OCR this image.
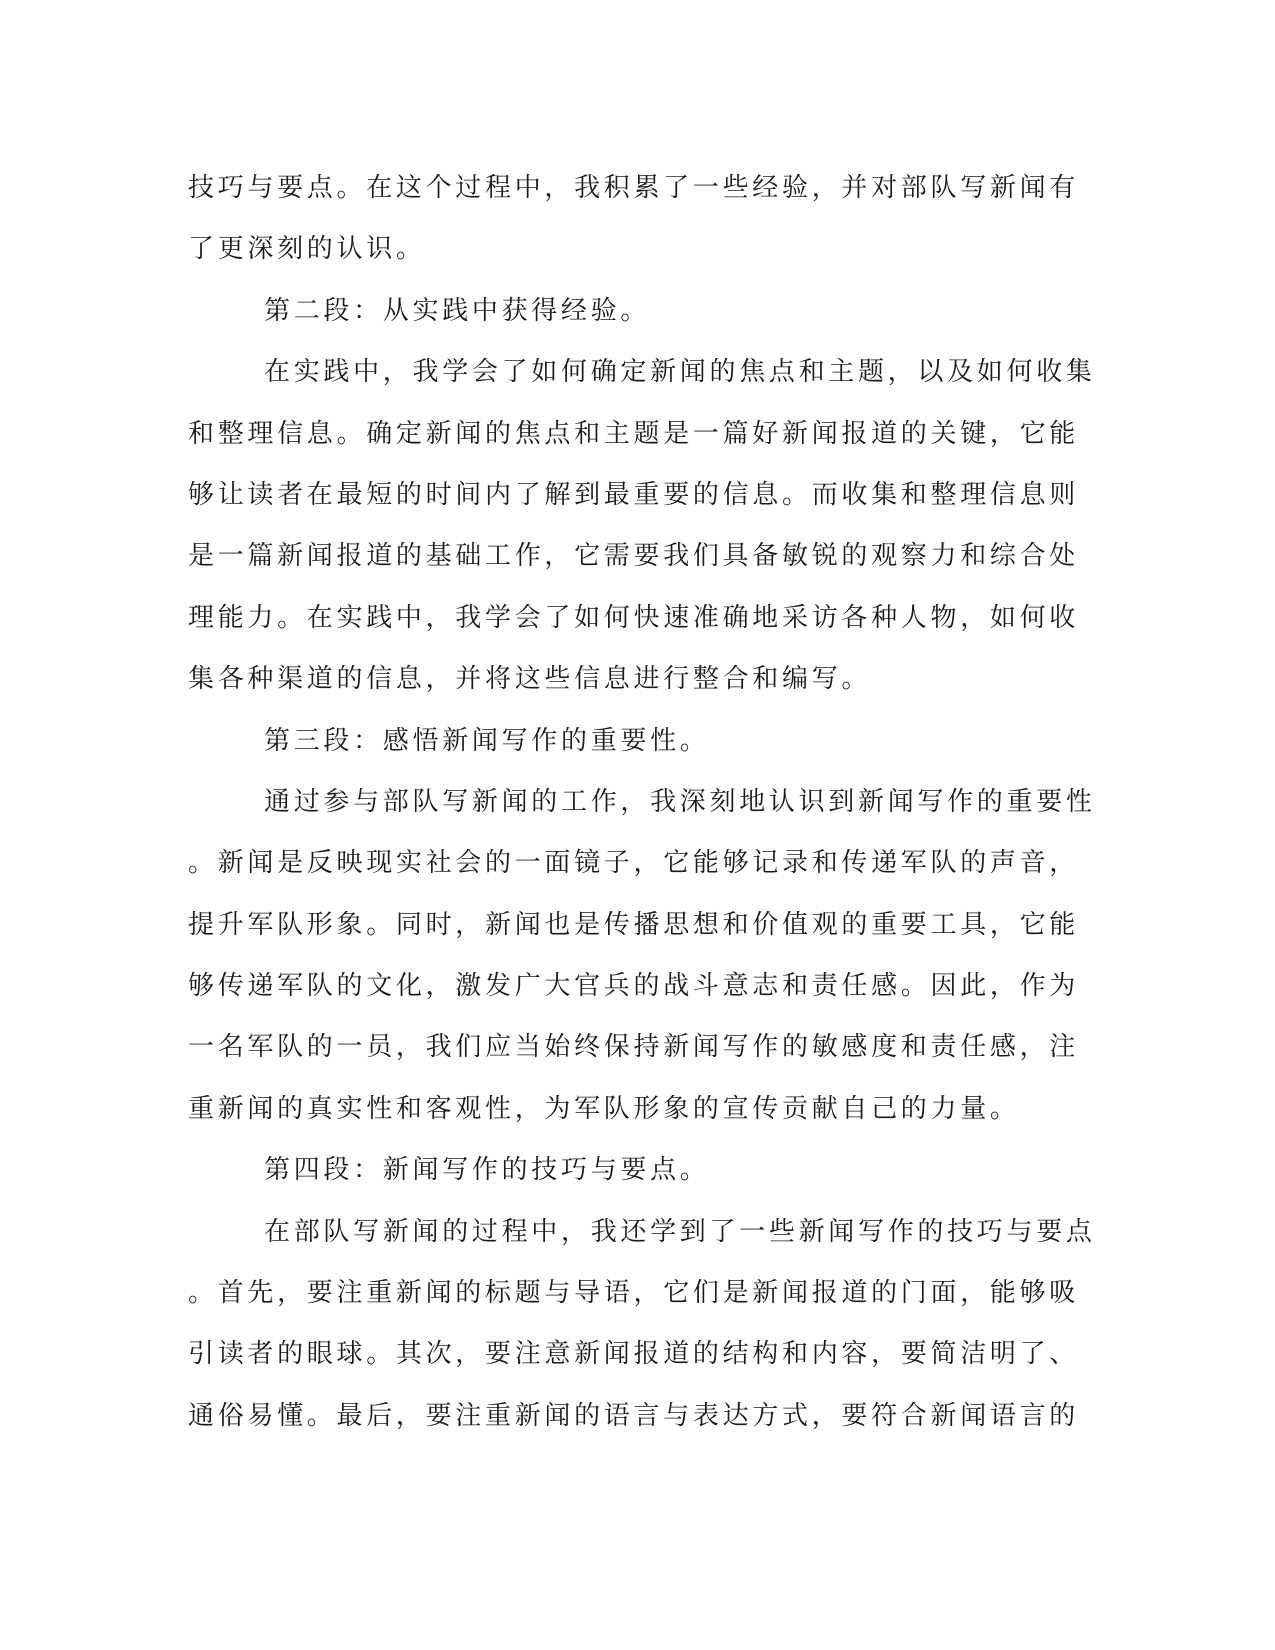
技巧与要点。在这个过程中，我积累了一些经验，并对部队写新闻有
了更深刻的认识。
第二段：从实践中获得经验。
在实践中，我学会了如何确定新闻的焦点和主题，以及如何收集
和整理信息。确定新闻的焦点和主题是一篇好新闻报道的关键，它能
够让读者在最短的时间内了解到最重要的信息。而收集和整理信息则
是一篇新闻报道的基础工作，它需要我们具备敏锐的观察力和综合处
理能力。在实践中，我学会了如何快速准确地采访各种人物，如何收
集各种渠道的信息，并将这些信息进行整合和编写。
第三段：感悟新闻写作的重要性。
通过参与部队写新闻的工作，我深刻地认识到新闻写作的重要性
。新闻是反映现实社会的一面镜子，它能够记录和传递军队的声音，
提升军队形象。同时，新闻也是传播思想和价值观的重要工具，它能
够传递军队的文化，激发广大官兵的战斗意志和责任感。因此，作为
一名军队的一员，我们应当始终保持新闻写作的敏感度和责任感，注
重新闻的真实性和客观性，为军队形象的宣传贡献自己的力量。
第四段：新闻写作的技巧与要点。
在部队写新闻的过程中，我还学到了一些新闻写作的技巧与要点
。首先，要注重新闻的标题与导语，它们是新闻报道的门面，能够吸
引读者的眼球。其次，要注意新闻报道的结构和内容，要简洁明了、
通俗易懂。最后，要注重新闻的语言与表达方式，要符合新闻语言的
